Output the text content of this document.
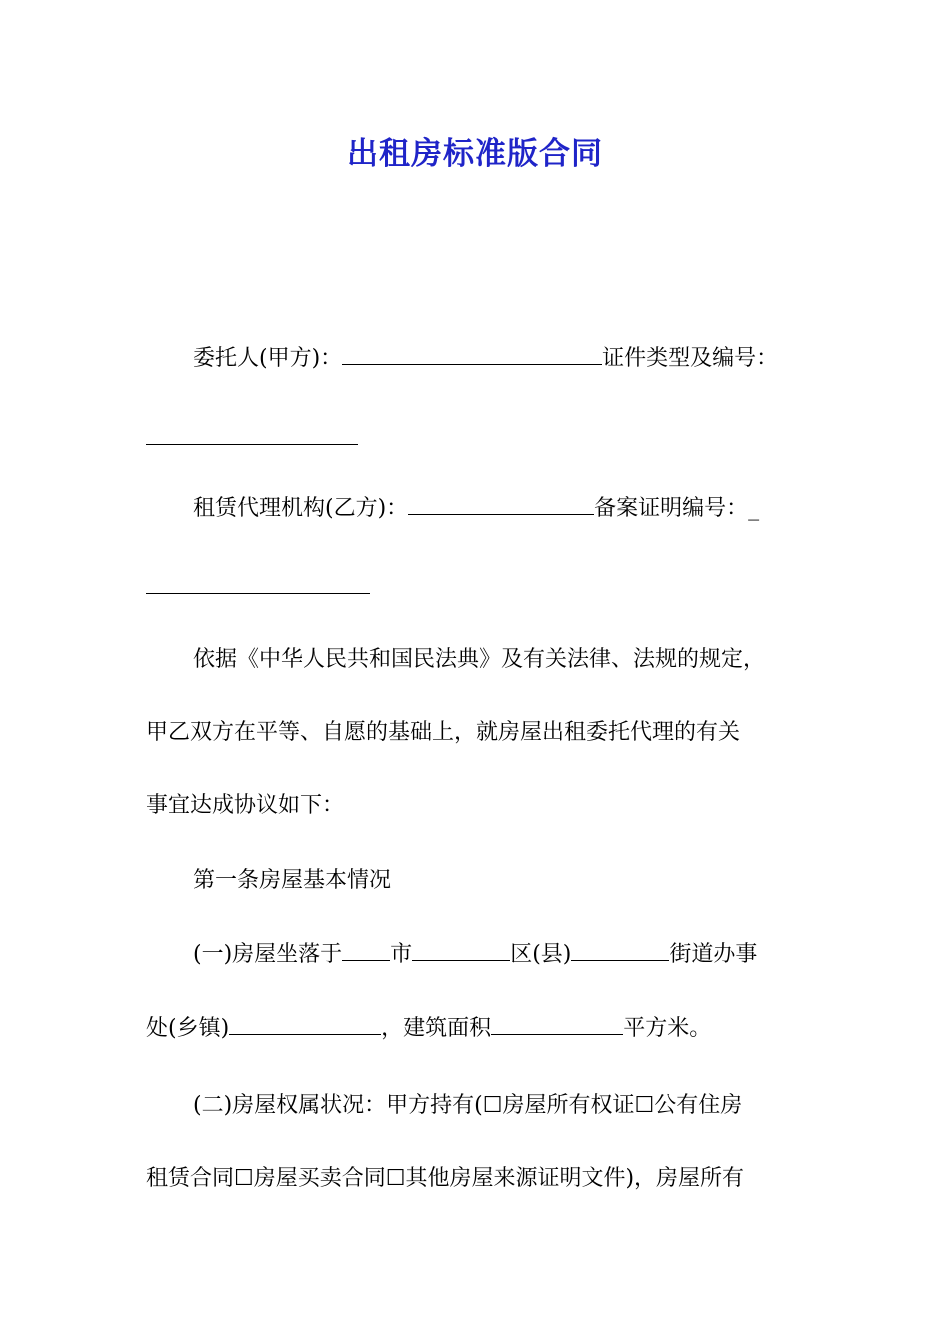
出租房标准版合同
委托人(甲方)：	证件类型及编号：
租赁代理机构(乙方)：	备案证明编号：_
依据《中华人民共和国民法典》及有关法律、法规的规定，
甲乙双方在平等、自愿的基础上，就房屋出租委托代理的有关
事宜达成协议如下：
第一条房屋基本情况
(一)房屋坐落于 市	区(县)	街道办事
处(乡镇)	，建筑面积	平方米。
(二)房屋权属状况：甲方持有(☐房屋所有权证☐公有住房
租赁合同☐房屋买卖合同☐其他房屋来源证明文件)，房屋所有
